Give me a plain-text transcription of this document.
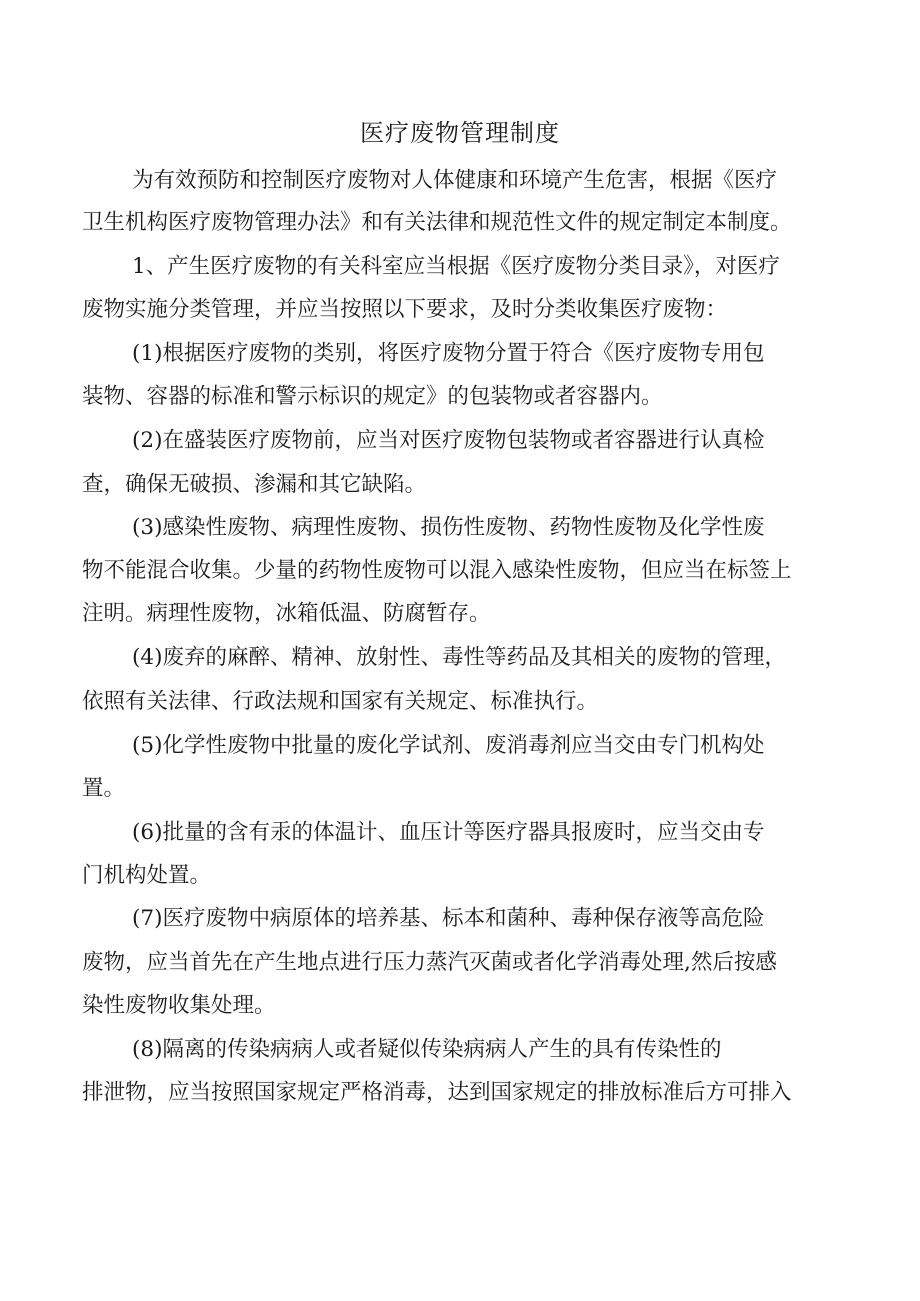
医疗废物管理制度

为有效预防和控制医疗废物对人体健康和环境产生危害，根据《医疗

卫生机构医疗废物管理办法》和有关法律和规范性文件的规定制定本制度。

1、产生医疗废物的有关科室应当根据《医疗废物分类目录》，对医疗

废物实施分类管理，并应当按照以下要求，及时分类收集医疗废物：

(1)根据医疗废物的类别，将医疗废物分置于符合《医疗废物专用包

装物、容器的标准和警示标识的规定》的包装物或者容器内。

(2)在盛装医疗废物前，应当对医疗废物包装物或者容器进行认真检

查，确保无破损、渗漏和其它缺陷。

(3)感染性废物、病理性废物、损伤性废物、药物性废物及化学性废

物不能混合收集。少量的药物性废物可以混入感染性废物，但应当在标签上

注明。病理性废物，冰箱低温、防腐暂存。

(4)废弃的麻醉、精神、放射性、毒性等药品及其相关的废物的管理，

依照有关法律、行政法规和国家有关规定、标准执行。

(5)化学性废物中批量的废化学试剂、废消毒剂应当交由专门机构处

置。

(6)批量的含有汞的体温计、血压计等医疗器具报废时，应当交由专

门机构处置。

(7)医疗废物中病原体的培养基、标本和菌种、毒种保存液等高危险

废物，应当首先在产生地点进行压力蒸汽灭菌或者化学消毒处理,然后按感

染性废物收集处理。

(8)隔离的传染病病人或者疑似传染病病人产生的具有传染性的

排泄物，应当按照国家规定严格消毒，达到国家规定的排放标准后方可排入
